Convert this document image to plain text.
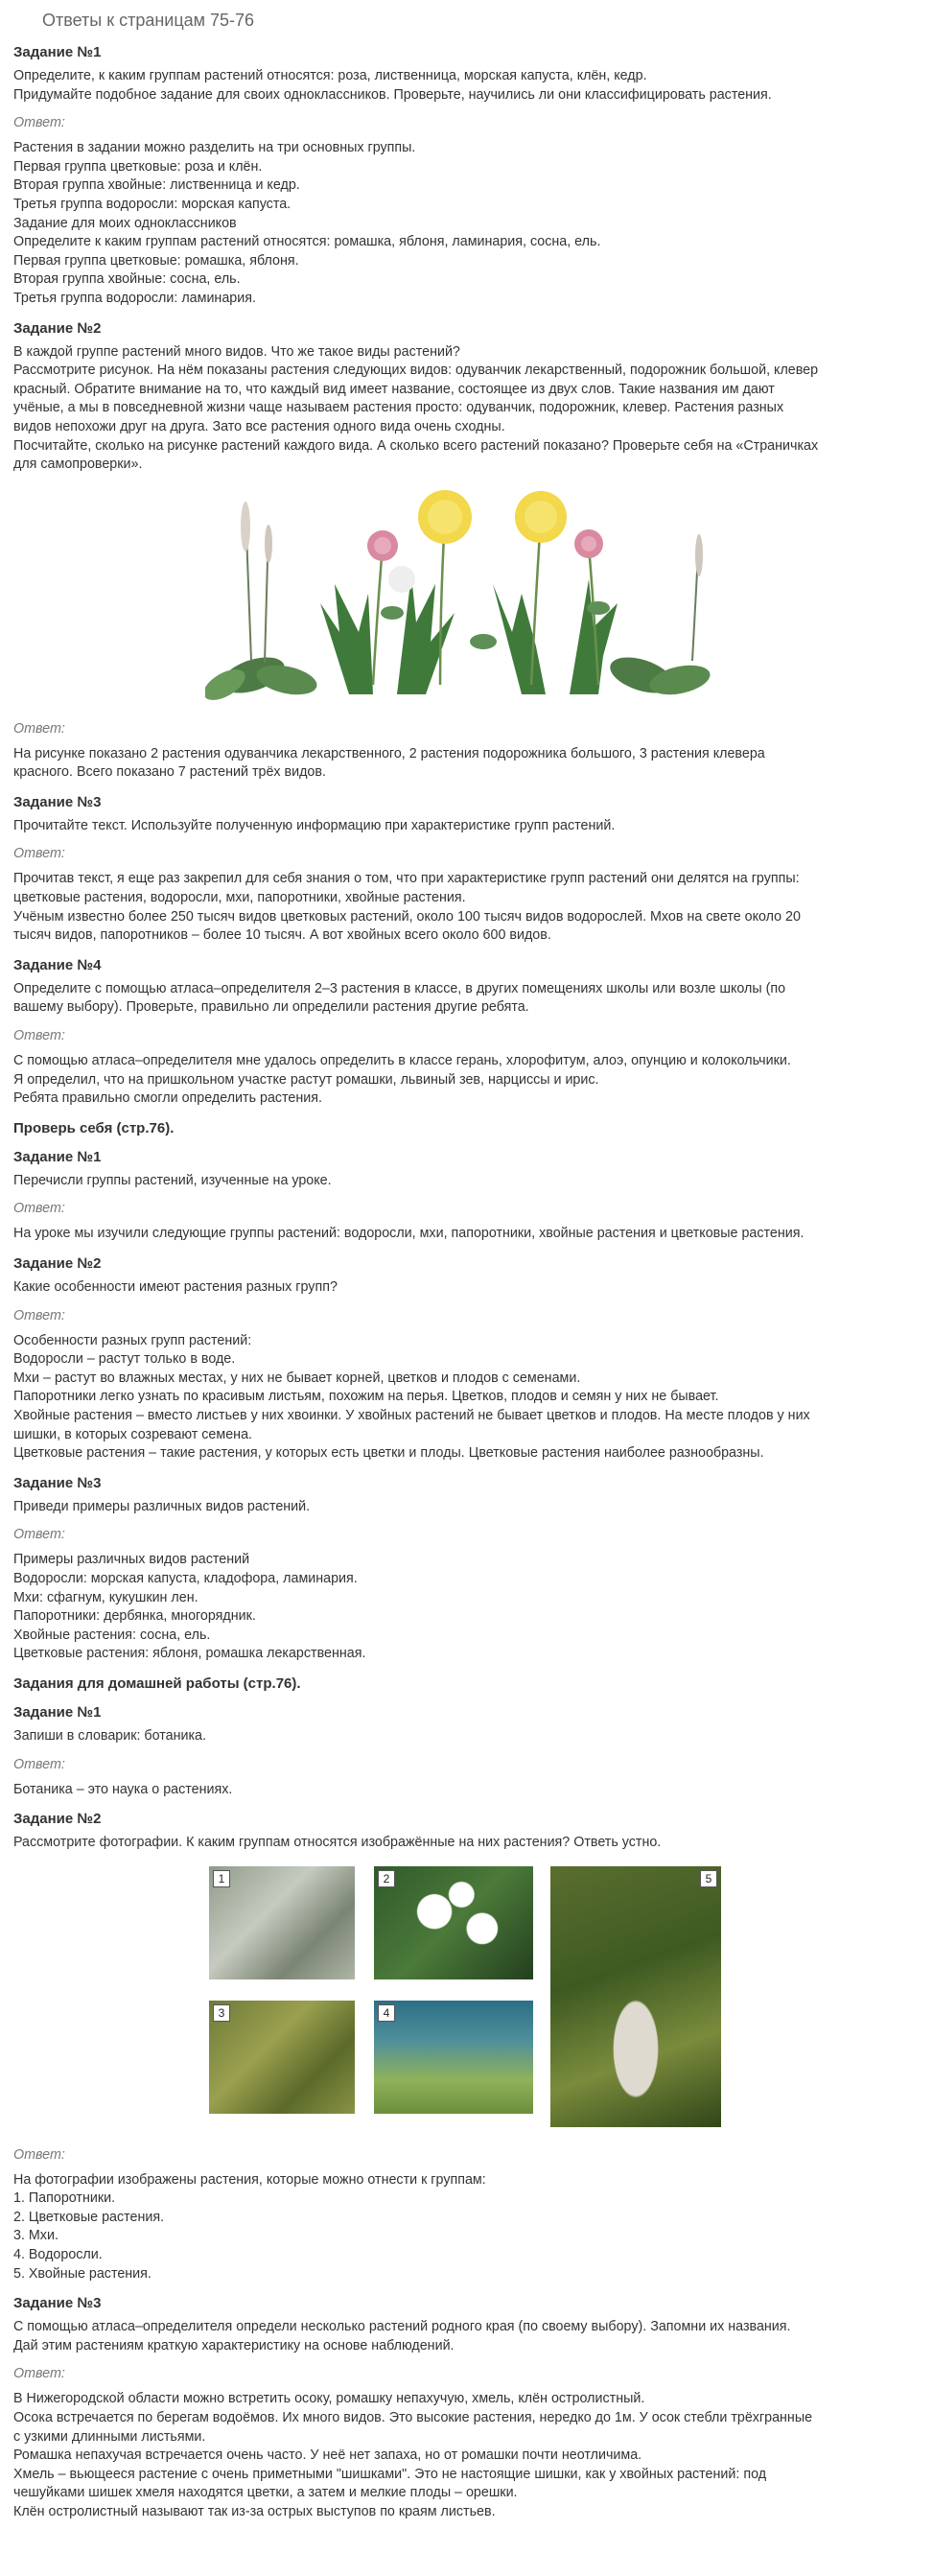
Ответы к страницам 75-76
Задание №1
Определите, к каким группам растений относятся: роза, лиственница, морская капуста, клён, кедр.
Придумайте подобное задание для своих одноклассников. Проверьте, научились ли они классифицировать растения.
Ответ:
Растения в задании можно разделить на три основных группы.
Первая группа цветковые: роза и клён.
Вторая группа хвойные: лиственница и кедр.
Третья группа водоросли: морская капуста.
Задание для моих одноклассников
Определите к каким группам растений относятся: ромашка, яблоня, ламинария, сосна, ель.
Первая группа цветковые: ромашка, яблоня.
Вторая группа хвойные: сосна, ель.
Третья группа водоросли: ламинария.
Задание №2
В каждой группе растений много видов. Что же такое виды растений?
Рассмотрите рисунок. На нём показаны растения следующих видов: одуванчик лекарственный, подорожник большой, клевер
красный. Обратите внимание на то, что каждый вид имеет название, состоящее из двух слов. Такие названия им дают
учёные, а мы в повседневной жизни чаще называем растения просто: одуванчик, подорожник, клевер. Растения разных
видов непохожи друг на друга. Зато все растения одного вида очень сходны.
Посчитайте, сколько на рисунке растений каждого вида. А сколько всего растений показано? Проверьте себя на «Страничках
для самопроверки».
Ответ:
На рисунке показано 2 растения одуванчика лекарственного, 2 растения подорожника большого, 3 растения клевера
красного. Всего показано 7 растений трёх видов.
Задание №3
Прочитайте текст. Используйте полученную информацию при характеристике групп растений.
Ответ:
Прочитав текст, я еще раз закрепил для себя знания о том, что при характеристике групп растений они делятся на группы:
цветковые растения, водоросли, мхи, папоротники, хвойные растения.
Учёным известно более 250 тысяч видов цветковых растений, около 100 тысяч видов водорослей. Мхов на свете около 20
тысяч видов, папоротников – более 10 тысяч. А вот хвойных всего около 600 видов.
Задание №4
Определите с помощью атласа–определителя 2–3 растения в классе, в других помещениях школы или возле школы (по
вашему выбору). Проверьте, правильно ли определили растения другие ребята.
Ответ:
С помощью атласа–определителя мне удалось определить в классе герань, хлорофитум, алоэ, опунцию и колокольчики.
Я определил, что на пришкольном участке растут ромашки, львиный зев, нарциссы и ирис.
Ребята правильно смогли определить растения.
Проверь себя (стр.76).
Задание №1
Перечисли группы растений, изученные на уроке.
Ответ:
На уроке мы изучили следующие группы растений: водоросли, мхи, папоротники, хвойные растения и цветковые растения.
Задание №2
Какие особенности имеют растения разных групп?
Ответ:
Особенности разных групп растений:
Водоросли – растут только в воде.
Мхи – растут во влажных местах, у них не бывает корней, цветков и плодов с семенами.
Папоротники легко узнать по красивым листьям, похожим на перья. Цветков, плодов и семян у них не бывает.
Хвойные растения – вместо листьев у них хвоинки. У хвойных растений не бывает цветков и плодов. На месте плодов у них
шишки, в которых созревают семена.
Цветковые растения – такие растения, у которых есть цветки и плоды. Цветковые растения наиболее разнообразны.
Задание №3
Приведи примеры различных видов растений.
Ответ:
Примеры различных видов растений
Водоросли: морская капуста, кладофора, ламинария.
Мхи: сфагнум, кукушкин лен.
Папоротники: дербянка, многорядник.
Хвойные растения: сосна, ель.
Цветковые растения: яблоня, ромашка лекарственная.
Задания для домашней работы (стр.76).
Задание №1
Запиши в словарик: ботаника.
Ответ:
Ботаника – это наука о растениях.
Задание №2
Рассмотрите фотографии. К каким группам относятся изображённые на них растения? Ответь устно.
1	2	5
3	4
Ответ:
На фотографии изображены растения, которые можно отнести к группам:
1. Папоротники.
2. Цветковые растения.
3. Мхи.
4. Водоросли.
5. Хвойные растения.
Задание №3
С помощью атласа–определителя определи несколько растений родного края (по своему выбору). Запомни их названия.
Дай этим растениям краткую характеристику на основе наблюдений.
Ответ:
В Нижегородской области можно встретить осоку, ромашку непахучую, хмель, клён остролистный.
Осока встречается по берегам водоёмов. Их много видов. Это высокие растения, нередко до 1м. У осок стебли трёхгранные
с узкими длинными листьями.
Ромашка непахучая встречается очень часто. У неё нет запаха, но от ромашки почти неотличима.
Хмель – вьющееся растение с очень приметными "шишками". Это не настоящие шишки, как у хвойных растений: под
чешуйками шишек хмеля находятся цветки, а затем и мелкие плоды – орешки.
Клён остролистный называют так из-за острых выступов по краям листьев.
